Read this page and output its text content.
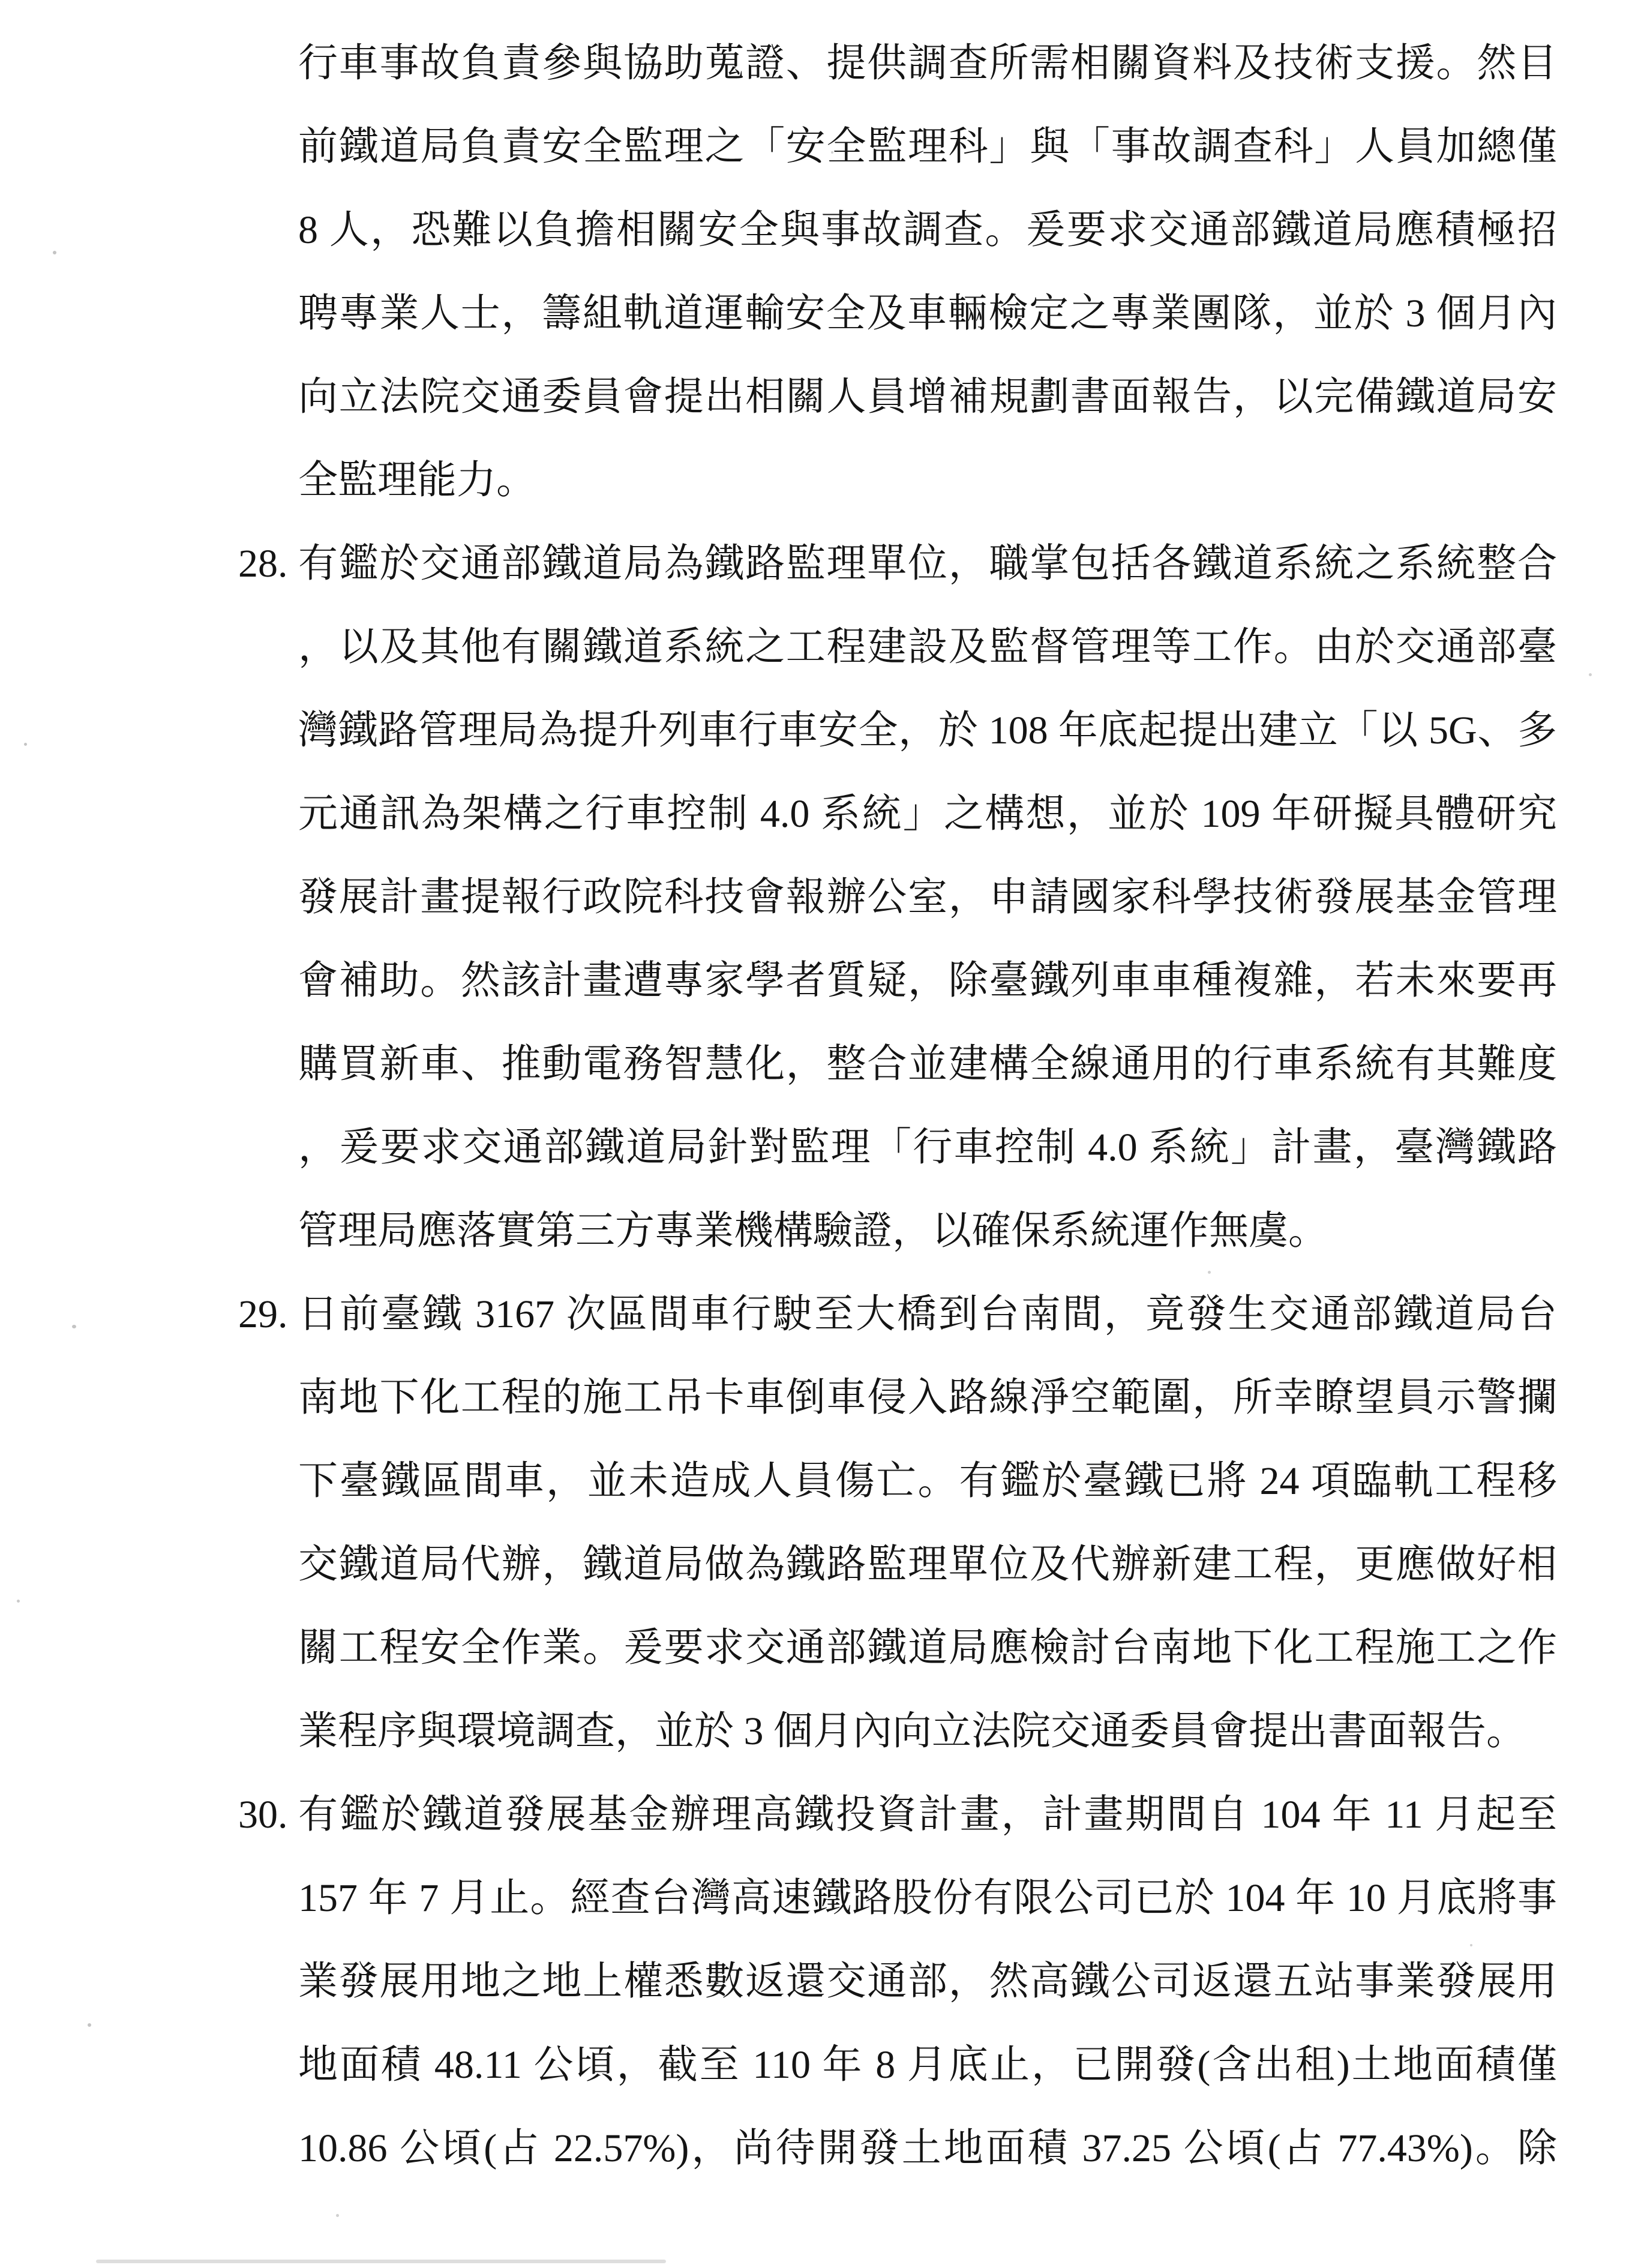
行車事故負責參與協助蒐證、提供調查所需相關資料及技術支援。然目
前鐵道局負責安全監理之「安全監理科」與「事故調查科」人員加總僅
8 人，恐難以負擔相關安全與事故調查。爰要求交通部鐵道局應積極招
聘專業人士，籌組軌道運輸安全及車輛檢定之專業團隊，並於 3 個月內
向立法院交通委員會提出相關人員增補規劃書面報告，以完備鐵道局安
全監理能力。
28. 有鑑於交通部鐵道局為鐵路監理單位，職掌包括各鐵道系統之系統整合
，以及其他有關鐵道系統之工程建設及監督管理等工作。由於交通部臺
灣鐵路管理局為提升列車行車安全，於 108 年底起提出建立「以 5G、多
元通訊為架構之行車控制 4.0 系統」之構想，並於 109 年研擬具體研究
發展計畫提報行政院科技會報辦公室，申請國家科學技術發展基金管理
會補助。然該計畫遭專家學者質疑，除臺鐵列車車種複雜，若未來要再
購買新車、推動電務智慧化，整合並建構全線通用的行車系統有其難度
，爰要求交通部鐵道局針對監理「行車控制 4.0 系統」計畫，臺灣鐵路
管理局應落實第三方專業機構驗證，以確保系統運作無虞。
29. 日前臺鐵 3167 次區間車行駛至大橋到台南間，竟發生交通部鐵道局台
南地下化工程的施工吊卡車倒車侵入路線淨空範圍，所幸瞭望員示警攔
下臺鐵區間車，並未造成人員傷亡。有鑑於臺鐵已將 24 項臨軌工程移
交鐵道局代辦，鐵道局做為鐵路監理單位及代辦新建工程，更應做好相
關工程安全作業。爰要求交通部鐵道局應檢討台南地下化工程施工之作
業程序與環境調查，並於 3 個月內向立法院交通委員會提出書面報告。
30. 有鑑於鐵道發展基金辦理高鐵投資計畫，計畫期間自 104 年 11 月起至
157 年 7 月止。經查台灣高速鐵路股份有限公司已於 104 年 10 月底將事
業發展用地之地上權悉數返還交通部，然高鐵公司返還五站事業發展用
地面積 48.11 公頃，截至 110 年 8 月底止，已開發(含出租)土地面積僅
10.86 公頃(占 22.57%)，尚待開發土地面積 37.25 公頃(占 77.43%)。除
